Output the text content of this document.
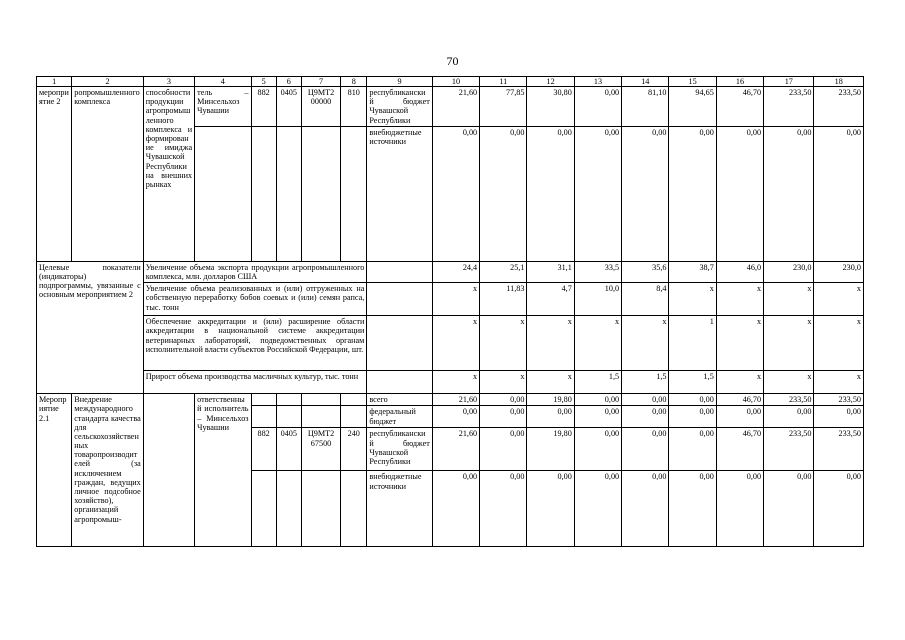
70
1	2	3	4	5	6	7	8	9	10	11	12	13	14	15	16	17	18
мероприятие 2	ропромышленного комплекса	способности продукции агропромышленного комплекса и формирование имиджа Чувашской Республики на внешних рынках	тель – Минсельхоз Чувашии	882	0405	Ц9МТ2 00000	810	республиканский бюджет Чувашской Республики	21,60	77,85	30,80	0,00	81,10	94,65	46,70	233,50	233,50
								внебюджетные источники	0,00	0,00	0,00	0,00	0,00	0,00	0,00	0,00	0,00
Целевые показатели (индикаторы) подпрограммы, увязанные с основным мероприятием 2		Увеличение объема экспорта продукции агропромышленного комплекса, млн. долларов США							24,4	25,1	31,1	33,5	35,6	38,7	46,0	230,0	230,0
		Увеличение объема реализованных и (или) отгруженных на собственную переработку бобов соевых и (или) семян рапса, тыс. тонн							x	11,83	4,7	10,0	8,4	x	x	x	x
		Обеспечение аккредитации и (или) расширение области аккредитации в национальной системе аккредитации ветеринарных лабораторий, подведомственных органам исполнительной власти субъектов Российской Федерации, шт.							x	x	x	x	x	1	x	x	x
		Прирост объема производства масличных культур, тыс. тонн							x	x	x	1,5	1,5	1,5	x	x	x
Мероприятие 2.1	Внедрение международного стандарта качества для сельскохозяйственных товаропроизводителей (за исключением граждан, ведущих личное подсобное хозяйство), организаций агропромыш-		ответственный исполнитель – Минсельхоз Чувашии					всего	21,60	0,00	19,80	0,00	0,00	0,00	46,70	233,50	233,50
								федеральный бюджет	0,00	0,00	0,00	0,00	0,00	0,00	0,00	0,00	0,00
				882	0405	Ц9МТ2 67500	240	республиканский бюджет Чувашской Республики	21,60	0,00	19,80	0,00	0,00	0,00	46,70	233,50	233,50
								внебюджетные источники	0,00	0,00	0,00	0,00	0,00	0,00	0,00	0,00	0,00
